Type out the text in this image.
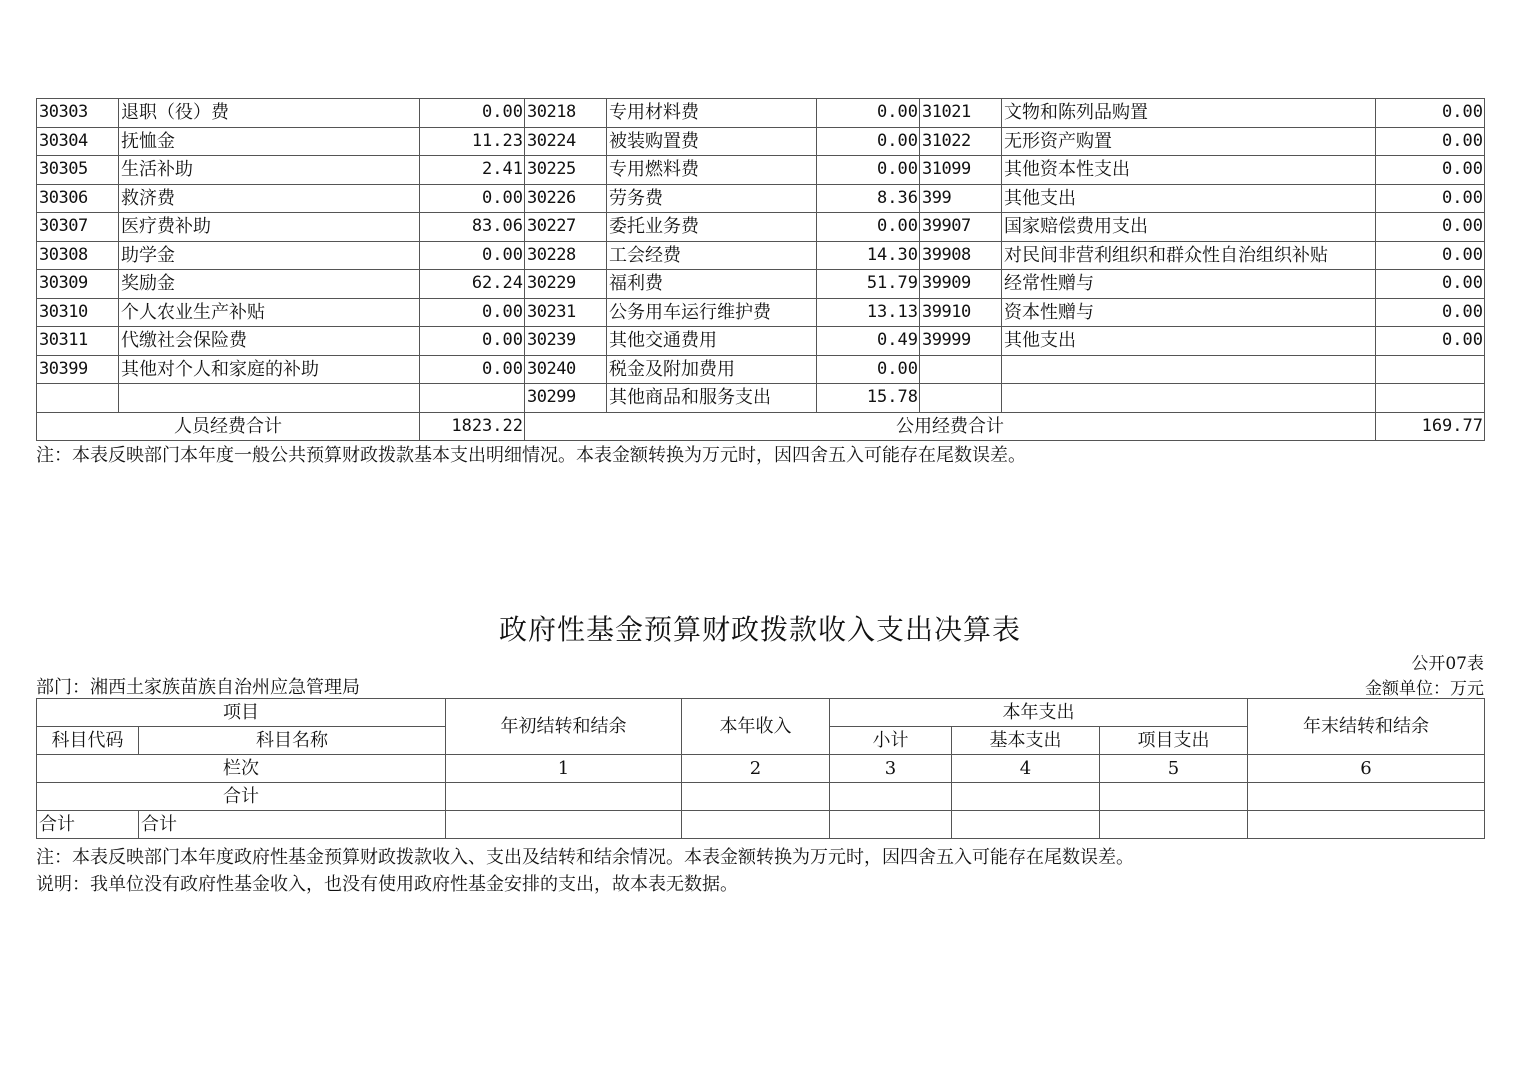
30303	退职（役）费	0.00	30218	专用材料费	0.00	31021	文物和陈列品购置	0.00
30304	抚恤金	11.23	30224	被装购置费	0.00	31022	无形资产购置	0.00
30305	生活补助	2.41	30225	专用燃料费	0.00	31099	其他资本性支出	0.00
30306	救济费	0.00	30226	劳务费	8.36	399	其他支出	0.00
30307	医疗费补助	83.06	30227	委托业务费	0.00	39907	国家赔偿费用支出	0.00
30308	助学金	0.00	30228	工会经费	14.30	39908	对民间非营利组织和群众性自治组织补贴	0.00
30309	奖励金	62.24	30229	福利费	51.79	39909	经常性赠与	0.00
30310	个人农业生产补贴	0.00	30231	公务用车运行维护费	13.13	39910	资本性赠与	0.00
30311	代缴社会保险费	0.00	30239	其他交通费用	0.49	39999	其他支出	0.00
30399	其他对个人和家庭的补助	0.00	30240	税金及附加费用	0.00			
			30299	其他商品和服务支出	15.78			
人员经费合计		1823.22	公用经费合计					169.77
注：本表反映部门本年度一般公共预算财政拨款基本支出明细情况。本表金额转换为万元时，因四舍五入可能存在尾数误差。
政府性基金预算财政拨款收入支出决算表
公开07表
部门：湘西土家族苗族自治州应急管理局	金额单位：万元
项目		年初结转和结余	本年收入	本年支出			年末结转和结余
科目代码	科目名称			小计	基本支出	项目支出	
栏次		1	2	3	4	5	6
合计							
合计	合计						
注：本表反映部门本年度政府性基金预算财政拨款收入、支出及结转和结余情况。本表金额转换为万元时，因四舍五入可能存在尾数误差。
说明：我单位没有政府性基金收入，也没有使用政府性基金安排的支出，故本表无数据。
